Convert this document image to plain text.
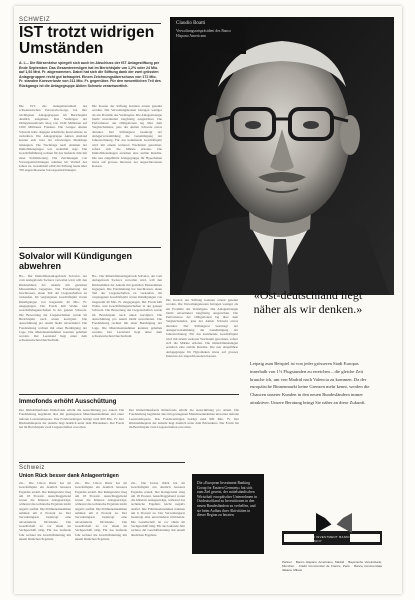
SCHWEIZ
IST trotzt widrigen Umständen
A. L.– Die Börsenkrise spiegelt sich auch im Abschluss der IST Anlagestiftung per Ende September. Das Gesamtvermögen hat im Berichtsjahr um 1,2% oder 24 Mio. auf 1,92 Mrd. Fr. abgenommen. Dabei hat sich die Stiftung dank der zwei grössten Anlagegruppen recht gut behauptet. Einem Zeichnungsüberschuss von 172 Mio. Fr. standen Kursverluste von 211 Mio. Fr. gegenüber. Für den wesentlichen Teil des Rückgangs ist die Anlagegruppe Aktien Schweiz verantwortlich.
Die IST, das Anlageinstrument der schweizerischen Personalvorsorge, hat ihre wichtigsten Anlagegruppen im Berichtsjahr deutlich ausgebaut. Das Vermögen der Obligationenfonds stieg von 1040 Millionen auf 1090 Millionen Franken. Die Gruppe Aktien Schweiz hatte dagegen erhebliche Kursverluste zu verkraften. Die Anlagegruppe Aktien Ausland konnte sich trotz der schwierigen Marktlage behaupten. Die Nachfrage nach Anteilen der Immobiliengruppe war weiterhin rege. Die Geschäftsführung rechnet für das laufende Jahr mit einer Stabilisierung. Die Zeichnungen von Vorsorgeeinrichtungen nahmen im Verlauf des Jahres zu. Gesamthaft zählt die Stiftung heute über 700 angeschlossene Vorsorgeeinrichtungen.
Die Kosten der Stiftung konnten erneut gesenkt werden. Die Verwaltungskosten betragen weniger als ein Promille des Vermögens. Die Anlagestrategie bleibt unverändert langfristig ausgerichtet. Die Performance der Obligationen lag über dem Vergleichsindex, jene der Aktien Schweiz etwas darunter. Der Stiftungsrat beantragt der Anlegerversammlung die Genehmigung der Jahresrechnung. Für das kommende Geschäftsjahr wird mit einem weiteren Wachstum gerechnet, sofern sich die Märkte erholen. Die Immobilienanlagen erzielten eine stabile Rendite. Die neu eingeführte Anlagegruppe für Hypotheken stiess auf grosses Interesse der angeschlossenen Kassen.
Solvalor will Kündigungen abwehren
Ha.– Der Immobilienanlagefonds Solvalor, der vom Anlagefonds Swissca verwaltet wird, will den Rücknahmen der Anteile mit gezielten Massnahmen begegnen. Die Fondsleitung hat beschlossen, einen Teil der Liegenschaften zu verkaufen. Im vergangenen Geschäftsjahr waren Kündigungen von insgesamt 40 Mio. Fr. eingegangen. Der Fonds hält Wohn- und Geschäftsliegenschaften in der ganzen Schweiz. Die Bewertung der Liegenschaften wurde im Berichtsjahr nach unten korrigiert. Die Ausschüttung pro Anteil bleibt unverändert. Die Fondsleitung rechnet mit einer Beruhigung der Lage. Die Mietzinseinnahmen konnten gehalten werden. Der Leerstand liegt unter dem schweizerischen Durchschnitt.
Ha.– Der Immobilienanlagefonds Solvalor, der vom Anlagefonds Swissca verwaltet wird, will den Rücknahmen der Anteile mit gezielten Massnahmen begegnen. Die Fondsleitung hat beschlossen, einen Teil der Liegenschaften zu verkaufen. Im vergangenen Geschäftsjahr waren Kündigungen von insgesamt 40 Mio. Fr. eingegangen. Der Fonds hält Wohn- und Geschäftsliegenschaften in der ganzen Schweiz. Die Bewertung der Liegenschaften wurde im Berichtsjahr nach unten korrigiert. Die Ausschüttung pro Anteil bleibt unverändert. Die Fondsleitung rechnet mit einer Beruhigung der Lage. Die Mietzinseinnahmen konnten gehalten werden. Der Leerstand liegt unter dem schweizerischen Durchschnitt.
Die Kosten der Stiftung konnten erneut gesenkt werden. Die Verwaltungskosten betragen weniger als ein Promille des Vermögens. Die Anlagestrategie bleibt unverändert langfristig ausgerichtet. Die Performance der Obligationen lag über dem Vergleichsindex, jene der Aktien Schweiz etwas darunter. Der Stiftungsrat beantragt der Anlegerversammlung die Genehmigung der Jahresrechnung. Für das kommende Geschäftsjahr wird mit einem weiteren Wachstum gerechnet, sofern sich die Märkte erholen. Die Immobilienanlagen erzielten eine stabile Rendite. Die neu eingeführte Anlagegruppe für Hypotheken stiess auf grosses Interesse der angeschlossenen Kassen.
Immofonds erhöht Ausschüttung
Der Immobilienfonds Immofonds erhöht die Ausschüttung pro Anteil. Die Fondsleitung begründet dies mit gestiegenen Mietzinseinnahmen und einer tieferen Leerstandsquote. Das Fondsvermögen beträgt rund 900 Mio. Fr. Der Rücknahmepreis der Anteile liegt deutlich unter dem Börsenkurs. Der Fonds hat im Berichtsjahr zwei Liegenschaften erworben.
Der Immobilienfonds Immofonds erhöht die Ausschüttung pro Anteil. Die Fondsleitung begründet dies mit gestiegenen Mietzinseinnahmen und einer tieferen Leerstandsquote. Das Fondsvermögen beträgt rund 900 Mio. Fr. Der Rücknahmepreis der Anteile liegt deutlich unter dem Börsenkurs. Der Fonds hat im Berichtsjahr zwei Liegenschaften erworben.
Schweiz
Union Rück besser dank Anlageerträgen
Zü.– Die Union Rück hat im Geschäftsjahr ein deutlich besseres Ergebnis erzielt. Der Reingewinn stieg um 18 Prozent. Ausschlaggebend waren die höheren Anlageerträge, während das technische Ergebnis leicht negativ ausfiel. Die Prämieneinnahmen nahmen um 6 Prozent zu. Der Verwaltungsrat beantragt eine unveränderte Dividende. Die Gesellschaft ist vor allem im Sachgeschäft tätig. Für das laufende Jahr rechnet die Geschäftsleitung mit einem ähnlichen Ergebnis.
Zü.– Die Union Rück hat im Geschäftsjahr ein deutlich besseres Ergebnis erzielt. Der Reingewinn stieg um 18 Prozent. Ausschlaggebend waren die höheren Anlageerträge, während das technische Ergebnis leicht negativ ausfiel. Die Prämieneinnahmen nahmen um 6 Prozent zu. Der Verwaltungsrat beantragt eine unveränderte Dividende. Die Gesellschaft ist vor allem im Sachgeschäft tätig. Für das laufende Jahr rechnet die Geschäftsleitung mit einem ähnlichen Ergebnis.
Zü.– Die Union Rück hat im Geschäftsjahr ein deutlich besseres Ergebnis erzielt. Der Reingewinn stieg um 18 Prozent. Ausschlaggebend waren die höheren Anlageerträge, während das technische Ergebnis leicht negativ ausfiel. Die Prämieneinnahmen nahmen um 6 Prozent zu. Der Verwaltungsrat beantragt eine unveränderte Dividende. Die Gesellschaft ist vor allem im Sachgeschäft tätig. Für das laufende Jahr rechnet die Geschäftsleitung mit einem ähnlichen Ergebnis.
Claudio Boatti
Verwaltungsratspräsident des Banco Hispano Americano
«Ost-deutschland liegt näher als wir denken.»
Leipzig zum Beispiel ist von jeder grösseren Stadt Europas innerhalb von 1½ Flugstunden zu erreichen – die gleiche Zeit brauche ich, um von Madrid nach Valencia zu kommen. Da der europäische Binnenmarkt keine Grenzen mehr kennt, werden die Chancen unserer Kunden in den neuen Bundesländern immer attraktiver. Unsere Beratung bringt Sie näher an diese Zukunft.
Die «European Investment Banking Group for Eastern Germany» hat sich zum Ziel gesetzt, der mittelständischen Wirtschaft europäischer Unternehmen in Ostdeutschland zu Investitionen in den neuen Bundesländern zu verhelfen, und sie beim Aufbau ihrer Aktivitäten in dieser Region zu beraten.
THE EUROPEAN INVESTMENT BANKING GROUP FOR EASTERN GERMANY
Partner · Banco Hispano Americano, Madrid · Bayerische Vereinsbank, München · Crédit Commercial de France, Paris · Banca Commerciale Italiana, Milano
